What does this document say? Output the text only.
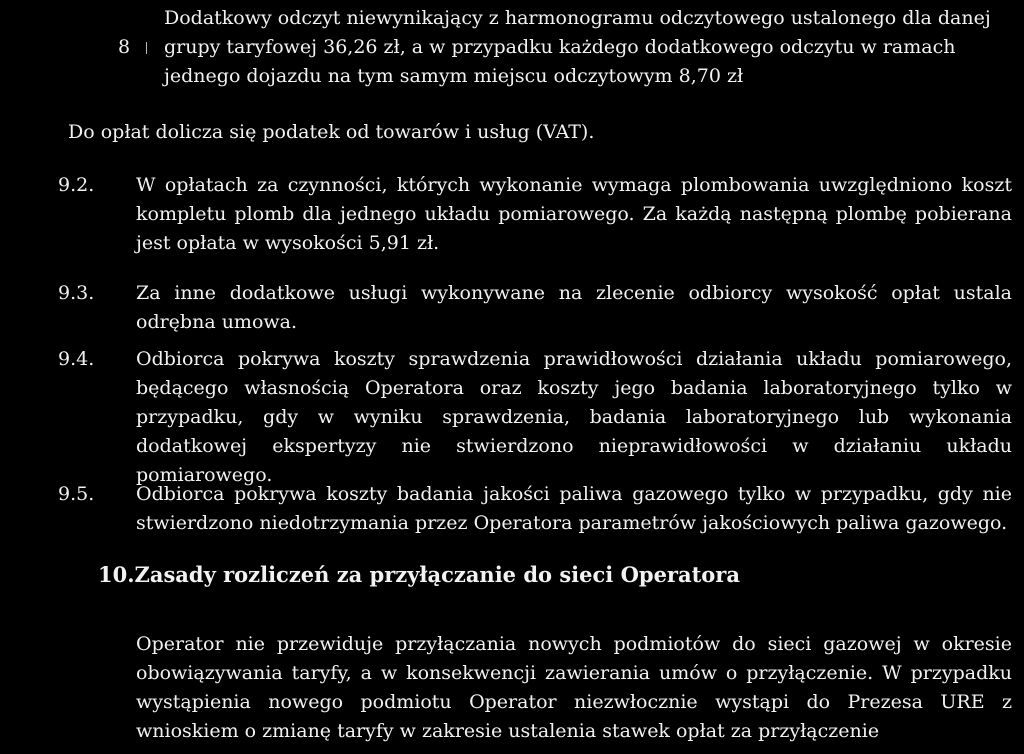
8

Dodatkowy odczyt niewynikający z harmonogramu odczytowego ustalonego dla danej grupy taryfowej 36,26 zł, a w przypadku każdego dodatkowego odczytu w ramach jednego dojazdu na tym samym miejscu odczytowym 8,70 zł

Do opłat dolicza się podatek od towarów i usług (VAT).

9.2. W opłatach za czynności, których wykonanie wymaga plombowania uwzględniono koszt kompletu plomb dla jednego układu pomiarowego. Za każdą następną plombę pobierana jest opłata w wysokości 5,91 zł.

9.3. Za inne dodatkowe usługi wykonywane na zlecenie odbiorcy wysokość opłat ustala odrębna umowa.

9.4. Odbiorca pokrywa koszty sprawdzenia prawidłowości działania układu pomiarowego, będącego własnością Operatora oraz koszty jego badania laboratoryjnego tylko w przypadku, gdy w wyniku sprawdzenia, badania laboratoryjnego lub wykonania dodatkowej ekspertyzy nie stwierdzono nieprawidłowości w działaniu układu pomiarowego.

9.5. Odbiorca pokrywa koszty badania jakości paliwa gazowego tylko w przypadku, gdy nie stwierdzono niedotrzymania przez Operatora parametrów jakościowych paliwa gazowego.

10.Zasady rozliczeń za przyłączanie do sieci Operatora

Operator nie przewiduje przyłączania nowych podmiotów do sieci gazowej w okresie obowiązywania taryfy, a w konsekwencji zawierania umów o przyłączenie. W przypadku wystąpienia nowego podmiotu Operator niezwłocznie wystąpi do Prezesa URE z wnioskiem o zmianę taryfy w zakresie ustalenia stawek opłat za przyłączenie
